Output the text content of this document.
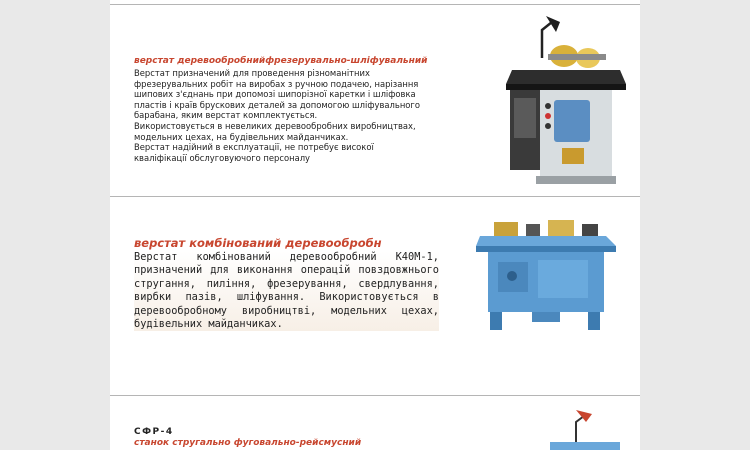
верстат деревообробнийфрезерувально-шліфувальний

Верстат призначений для проведення різноманітних

фрезерувальних робіт на виробах з ручною подачею, нарізання

шипових з'єднань при допомозі шипорізної каретки і шліфовка

пластів і країв брускових деталей за допомогою шліфувального

барабана, яким верстат комплектується.

Використовується в невеликих деревообробних виробництвах,

модельних цехах, на будівельних майданчиках.

Верстат надійний в експлуатації, не потребує високої

кваліфікації обслуговуючого персоналу

верстат комбінований деревообробн
Верстат комбінований деревообробний К40М-1, призначений для виконання операцій повздовжнього стругання, пиління, фрезерування, свердлування, вирбки пазів, шліфування. Використовується в деревообробному виробництві, модельних цехах, будівельних майданчиках.
СФР-4
станок стругально фуговально-рейсмусний
